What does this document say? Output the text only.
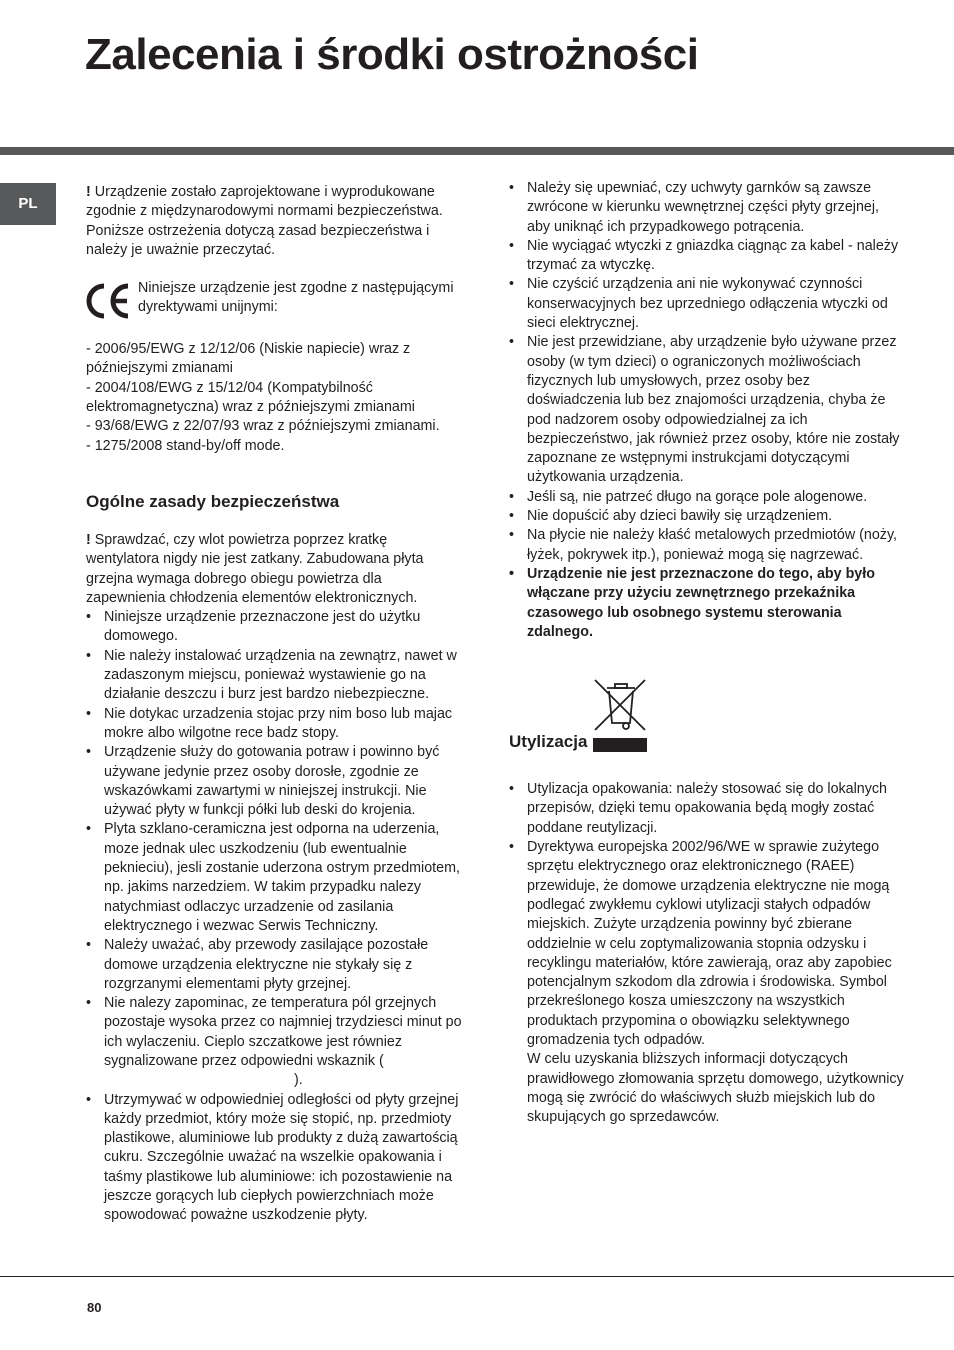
Zalecenia i środki ostrożności
PL

! Urządzenie zostało zaprojektowane i wyprodukowane zgodnie z międzynarodowymi normami bezpieczeństwa. Poniższe ostrzeżenia dotyczą zasad bezpieczeństwa i należy je uważnie przeczytać.

Niniejsze urządzenie jest zgodne z następującymi dyrektywami unijnymi:

- 2006/95/EWG z 12/12/06 (Niskie napiecie) wraz z późniejszymi zmianami

- 2004/108/EWG z 15/12/04 (Kompatybilność elektromagnetyczna) wraz z późniejszymi zmianami

- 93/68/EWG z 22/07/93 wraz z późniejszymi zmianami.

- 1275/2008 stand-by/off mode.

Ogólne zasady bezpieczeństwa

! Sprawdzać, czy wlot powietrza poprzez kratkę wentylatora nigdy nie jest zatkany. Zabudowana płyta grzejna wymaga dobrego obiegu powietrza dla zapewnienia chłodzenia elementów elektronicznych.

• Niniejsze urządzenie przeznaczone jest do użytku domowego.
• Nie należy instalować urządzenia na zewnątrz, nawet w zadaszonym miejscu, ponieważ wystawienie go na działanie deszczu i burz jest bardzo niebezpieczne.
• Nie dotykac urzadzenia stojac przy nim boso lub majac mokre albo wilgotne rece badz stopy.
• Urządzenie służy do gotowania potraw i powinno być używane jedynie przez osoby dorosłe, zgodnie ze wskazówkami zawartymi w niniejszej instrukcji. Nie używać płyty w funkcji półki lub deski do krojenia.
• Plyta szklano-ceramiczna jest odporna na uderzenia, moze jednak ulec uszkodzeniu (lub ewentualnie peknieciu), jesli zostanie uderzona ostrym przedmiotem, np. jakims narzedziem. W takim przypadku nalezy natychmiast odlaczyc urzadzenie od zasilania elektrycznego i wezwac Serwis Techniczny.
• Należy uważać, aby przewody zasilające pozostałe domowe urządzenia elektryczne nie stykały się z rozgrzanymi elementami płyty grzejnej.
• Nie nalezy zapominac, ze temperatura pól grzejnych pozostaje wysoka przez co najmniej trzydziesci minut po ich wylaczeniu. Cieplo szczatkowe jest równiez sygnalizowane przez odpowiedni wskaznik (
).
• Utrzymywać w odpowiedniej odległości od płyty grzejnej każdy przedmiot, który może się stopić, np. przedmioty plastikowe, aluminiowe lub produkty z dużą zawartością cukru. Szczególnie uważać na wszelkie opakowania i taśmy plastikowe lub aluminiowe: ich pozostawienie na jeszcze gorących lub ciepłych powierzchniach może spowodować poważne uszkodzenie płyty.
• Należy się upewniać, czy uchwyty garnków są zawsze zwrócone w kierunku wewnętrznej części płyty grzejnej, aby uniknąć ich przypadkowego potrącenia.
• Nie wyciągać wtyczki z gniazdka ciągnąc za kabel - należy trzymać za wtyczkę.
• Nie czyścić urządzenia ani nie wykonywać czynności konserwacyjnych bez uprzedniego odłączenia wtyczki od sieci elektrycznej.
• Nie jest przewidziane, aby urządzenie było używane przez osoby (w tym dzieci) o ograniczonych możliwościach fizycznych lub umysłowych, przez osoby bez doświadczenia lub bez znajomości urządzenia, chyba że pod nadzorem osoby odpowiedzialnej za ich bezpieczeństwo, jak również przez osoby, które nie zostały zapoznane ze wstępnymi instrukcjami dotyczącymi użytkowania urządzenia.
• Jeśli są, nie patrzeć długo na gorące pole alogenowe.
• Nie dopuścić aby dzieci bawiły się urządzeniem.
• Na płycie nie należy kłaść metalowych przedmiotów (noży, łyżek, pokrywek itp.), ponieważ mogą się nagrzewać.
• Urządzenie nie jest przeznaczone do tego, aby było włączane przy użyciu zewnętrznego przekaźnika czasowego lub osobnego systemu sterowania zdalnego.
Utylizacja
• Utylizacja opakowania: należy stosować się do lokalnych przepisów, dzięki temu opakowania będą mogły zostać poddane reutylizacji.
• Dyrektywa europejska 2002/96/WE w sprawie zużytego sprzętu elektrycznego oraz elektronicznego (RAEE) przewiduje, że domowe urządzenia elektryczne nie mogą podlegać zwykłemu cyklowi utylizacji stałych odpadów miejskich. Zużyte urządzenia powinny być zbierane oddzielnie w celu zoptymalizowania stopnia odzysku i recyklingu materiałów, które zawierają, oraz aby zapobiec potencjalnym szkodom dla zdrowia i środowiska. Symbol przekreślonego kosza umieszczony na wszystkich produktach przypomina o obowiązku selektywnego gromadzenia tych odpadów.
W celu uzyskania bliższych informacji dotyczących prawidłowego złomowania sprzętu domowego, użytkownicy mogą się zwrócić do właściwych służb miejskich lub do skupujących go sprzedawców.
80
